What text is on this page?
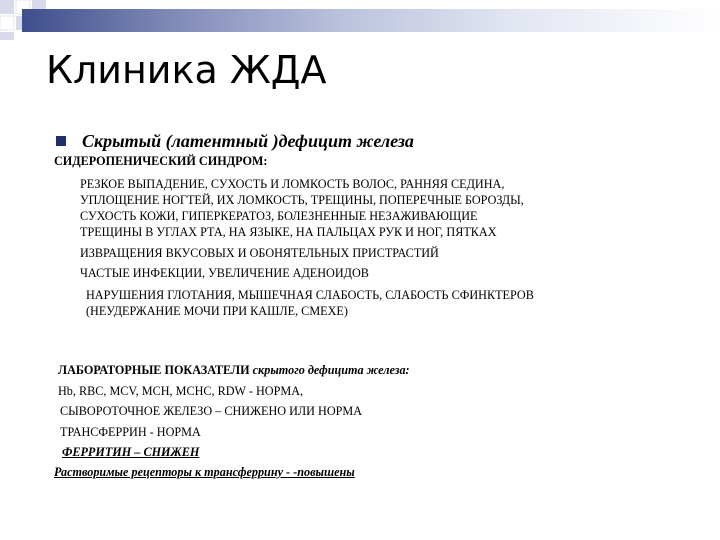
Клиника ЖДА
Скрытый (латентный )дефицит железа
СИДЕРОПЕНИЧЕСКИЙ СИНДРОМ:
РЕЗКОЕ ВЫПАДЕНИЕ, СУХОСТЬ И ЛОМКОСТЬ ВОЛОС, РАННЯЯ СЕДИНА,
УПЛОЩЕНИЕ НОГТЕЙ, ИХ ЛОМКОСТЬ, ТРЕЩИНЫ, ПОПЕРЕЧНЫЕ БОРОЗДЫ,
СУХОСТЬ КОЖИ, ГИПЕРКЕРАТОЗ, БОЛЕЗНЕННЫЕ НЕЗАЖИВАЮЩИЕ
ТРЕЩИНЫ В УГЛАХ РТА, НА ЯЗЫКЕ, НА ПАЛЬЦАХ РУК И НОГ, ПЯТКАХ
ИЗВРАЩЕНИЯ ВКУСОВЫХ И ОБОНЯТЕЛЬНЫХ ПРИСТРАСТИЙ
ЧАСТЫЕ ИНФЕКЦИИ, УВЕЛИЧЕНИЕ АДЕНОИДОВ
НАРУШЕНИЯ ГЛОТАНИЯ, МЫШЕЧНАЯ СЛАБОСТЬ, СЛАБОСТЬ СФИНКТЕРОВ
(НЕУДЕРЖАНИЕ МОЧИ ПРИ КАШЛЕ, СМЕХЕ)
ЛАБОРАТОРНЫЕ ПОКАЗАТЕЛИ скрытого дефицита железа:
Hb, RBC, MCV, MCH, MCHC, RDW - НОРМА,
СЫВОРОТОЧНОЕ ЖЕЛЕЗО – СНИЖЕНО ИЛИ НОРМА
ТРАНСФЕРРИН - НОРМА
ФЕРРИТИН – СНИЖЕН
Растворимые рецепторы к трансферрину - -повышены
